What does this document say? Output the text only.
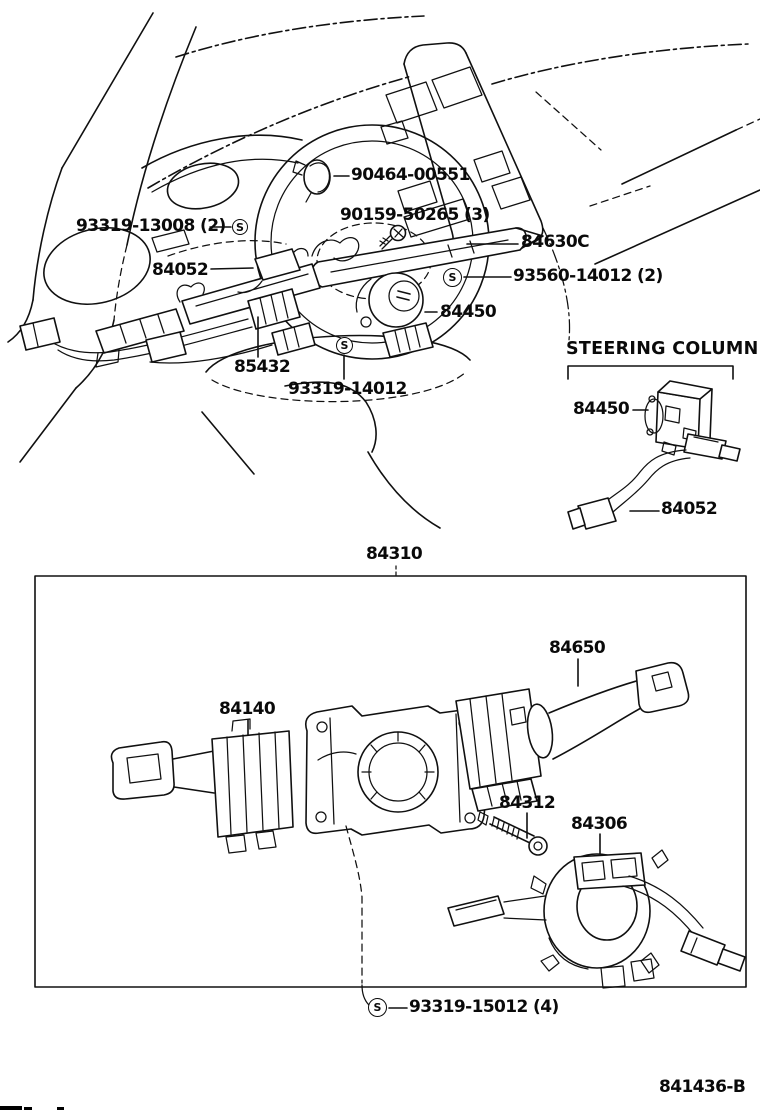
93319-13008 (2)
84052
90464-00551
90159-50265 (3)
84630C
93560-14012 (2)
84450
85432
93319-14012
STEERING COLUMN
84450
84052
84310
84650
84140
84312
84306
93319-15012 (4)
841436-B
S
S
S
S
